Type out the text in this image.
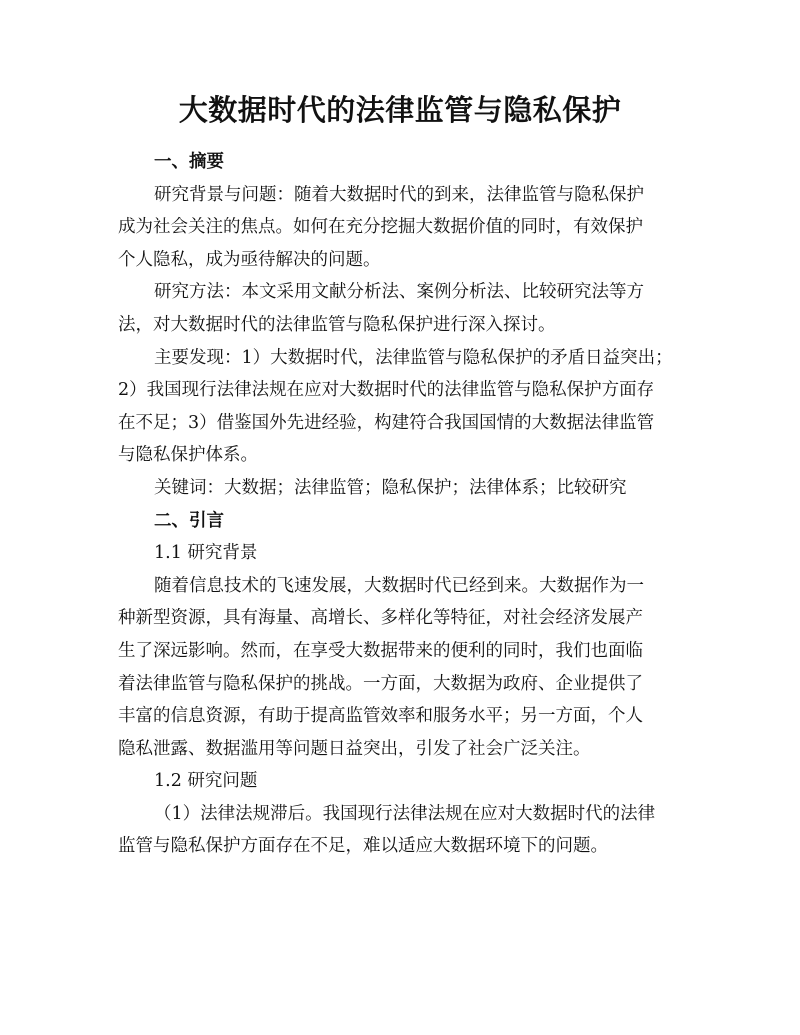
大数据时代的法律监管与隐私保护
一、摘要
研究背景与问题：随着大数据时代的到来，法律监管与隐私保护
成为社会关注的焦点。如何在充分挖掘大数据价值的同时，有效保护
个人隐私，成为亟待解决的问题。
研究方法：本文采用文献分析法、案例分析法、比较研究法等方
法，对大数据时代的法律监管与隐私保护进行深入探讨。
主要发现：1）大数据时代，法律监管与隐私保护的矛盾日益突出；
2）我国现行法律法规在应对大数据时代的法律监管与隐私保护方面存
在不足；3）借鉴国外先进经验，构建符合我国国情的大数据法律监管
与隐私保护体系。
关键词：大数据；法律监管；隐私保护；法律体系；比较研究
二、引言
1.1 研究背景
随着信息技术的飞速发展，大数据时代已经到来。大数据作为一
种新型资源，具有海量、高增长、多样化等特征，对社会经济发展产
生了深远影响。然而，在享受大数据带来的便利的同时，我们也面临
着法律监管与隐私保护的挑战。一方面，大数据为政府、企业提供了
丰富的信息资源，有助于提高监管效率和服务水平；另一方面，个人
隐私泄露、数据滥用等问题日益突出，引发了社会广泛关注。
1.2 研究问题
（1）法律法规滞后。我国现行法律法规在应对大数据时代的法律
监管与隐私保护方面存在不足，难以适应大数据环境下的问题。
